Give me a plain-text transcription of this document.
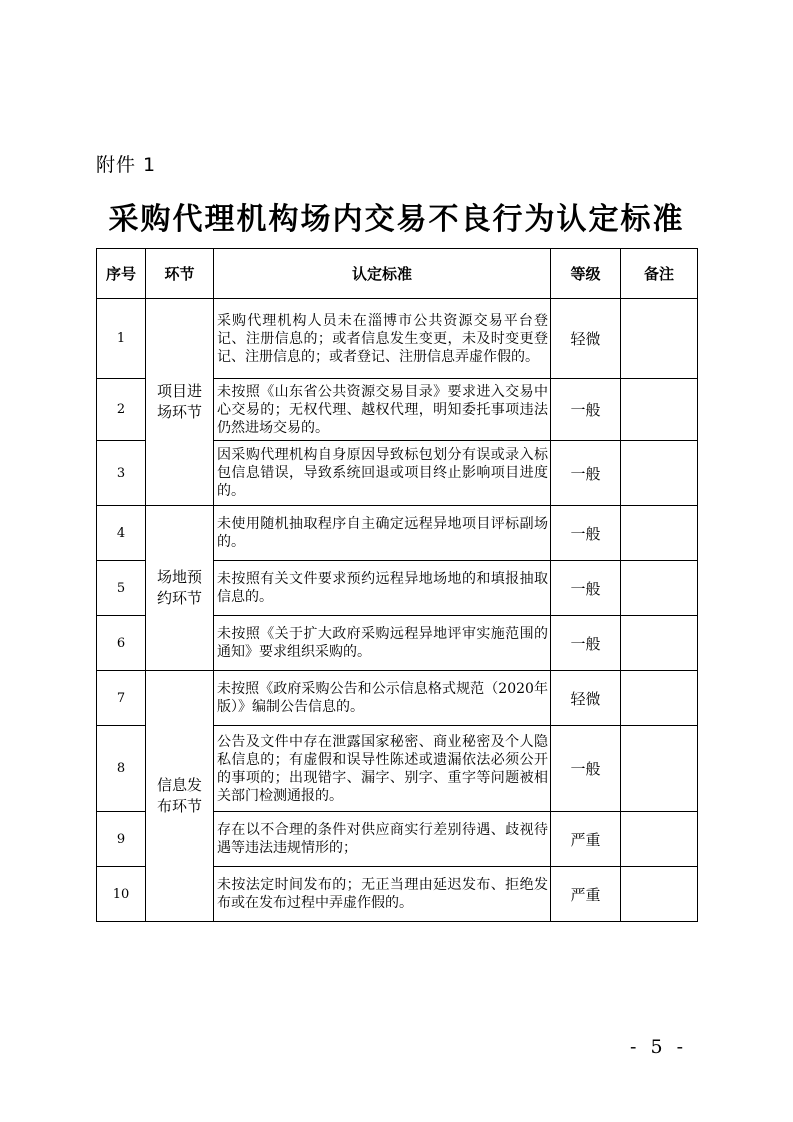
附件 1
采购代理机构场内交易不良行为认定标准
序号	环节	认定标准	等级	备注
1	项目进场环节	采购代理机构人员未在淄博市公共资源交易平台登记、注册信息的；或者信息发生变更，未及时变更登记、注册信息的；或者登记、注册信息弄虚作假的。	轻微	
2		未按照《山东省公共资源交易目录》要求进入交易中心交易的；无权代理、越权代理，明知委托事项违法仍然进场交易的。	一般	
3		因采购代理机构自身原因导致标包划分有误或录入标包信息错误，导致系统回退或项目终止影响项目进度的。	一般	
4	场地预约环节	未使用随机抽取程序自主确定远程异地项目评标副场的。	一般	
5		未按照有关文件要求预约远程异地场地的和填报抽取信息的。	一般	
6		未按照《关于扩大政府采购远程异地评审实施范围的通知》要求组织采购的。	一般	
7	信息发布环节	未按照《政府采购公告和公示信息格式规范（2020年版）》编制公告信息的。	轻微	
8		公告及文件中存在泄露国家秘密、商业秘密及个人隐私信息的；有虚假和误导性陈述或遗漏依法必须公开的事项的；出现错字、漏字、别字、重字等问题被相关部门检测通报的。	一般	
9		存在以不合理的条件对供应商实行差别待遇、歧视待遇等违法违规情形的；	严重	
10		未按法定时间发布的；无正当理由延迟发布、拒绝发布或在发布过程中弄虚作假的。	严重	
- 5 -
